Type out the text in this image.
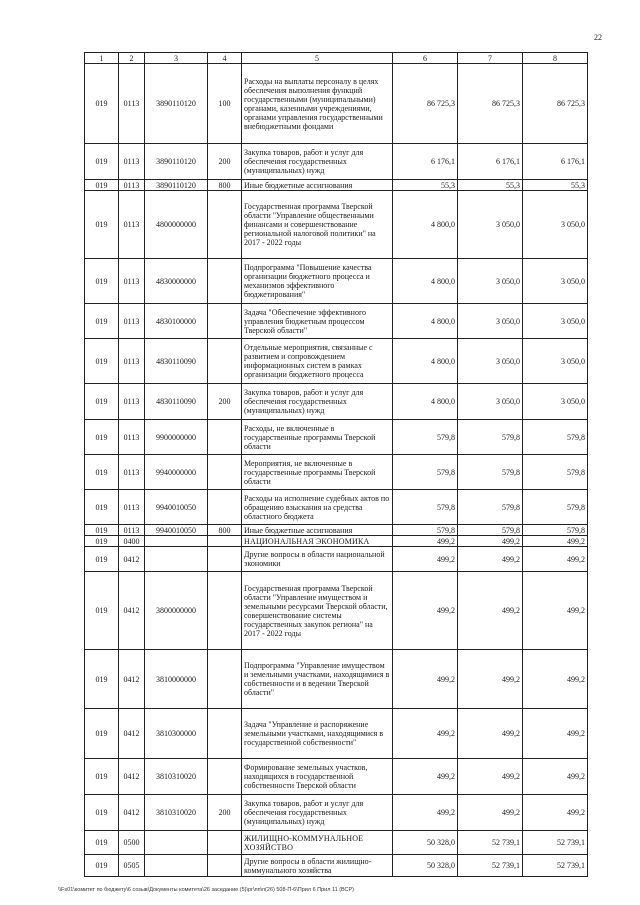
22
1	2	3	4	5	6	7	8
019	0113	3890110120	100	Расходы на выплаты персоналу в целях обеспечения выполнения функций государственными (муниципальными) органами, казенными учреждениями, органами управления государственными внебюджетными фондами	86 725,3	86 725,3	86 725,3
019	0113	3890110120	200	Закупка товаров, работ и услуг для обеспечения государственных (муниципальных) нужд	6 176,1	6 176,1	6 176,1
019	0113	3890110120	800	Иные бюджетные ассигнования	55,3	55,3	55,3
019	0113	4800000000		Государственная программа Тверской области "Управление общественными финансами и совершенствование региональной налоговой политики" на 2017 - 2022 годы	4 800,0	3 050,0	3 050,0
019	0113	4830000000		Подпрограмма "Повышение качества организации бюджетного процесса и механизмов эффективного бюджетирования"	4 800,0	3 050,0	3 050,0
019	0113	4830100000		Задача "Обеспечение эффективного управления бюджетным процессом Тверской области"	4 800,0	3 050,0	3 050,0
019	0113	4830110090		Отдельные мероприятия, связанные с развитием и сопровождением информационных систем в рамках организации бюджетного процесса	4 800,0	3 050,0	3 050,0
019	0113	4830110090	200	Закупка товаров, работ и услуг для обеспечения государственных (муниципальных) нужд	4 800,0	3 050,0	3 050,0
019	0113	9900000000		Расходы, не включенные в государственные программы Тверской области	579,8	579,8	579,8
019	0113	9940000000		Мероприятия, не включенные в государственные программы Тверской области	579,8	579,8	579,8
019	0113	9940010050		Расходы на исполнение судебных актов по обращению взыскания на средства областного бюджета	579,8	579,8	579,8
019	0113	9940010050	800	Иные бюджетные ассигнования	579,8	579,8	579,8
019	0400			НАЦИОНАЛЬНАЯ ЭКОНОМИКА	499,2	499,2	499,2
019	0412			Другие вопросы в области национальной экономики	499,2	499,2	499,2
019	0412	3800000000		Государственная программа Тверской области "Управление имуществом и земельными ресурсами Тверской области, совершенствование системы государственных закупок региона" на 2017 - 2022 годы	499,2	499,2	499,2
019	0412	3810000000		Подпрограмма "Управление имуществом и земельными участками, находящимися в собственности и в ведении Тверской области"	499,2	499,2	499,2
019	0412	3810300000		Задача "Управление и распоряжение земельными участками, находящимися в государственной собственности"	499,2	499,2	499,2
019	0412	3810310020		Формирование земельных участков, находящихся в государственной собственности Тверской области	499,2	499,2	499,2
019	0412	3810310020	200	Закупка товаров, работ и услуг для обеспечения государственных (муниципальных) нужд	499,2	499,2	499,2
019	0500			ЖИЛИЩНО-КОММУНАЛЬНОЕ ХОЗЯЙСТВО	50 328,0	52 739,1	52 739,1
019	0505			Другие вопросы в области жилищно-коммунального хозяйства	50 328,0	52 739,1	52 739,1
\\Fs01\комитет по бюджету\6 созыв\Документы комитета\26 заседание (5)\рг\пп\п(26) 508-П-6\Прил 6 Прил 11 (ВСР)
